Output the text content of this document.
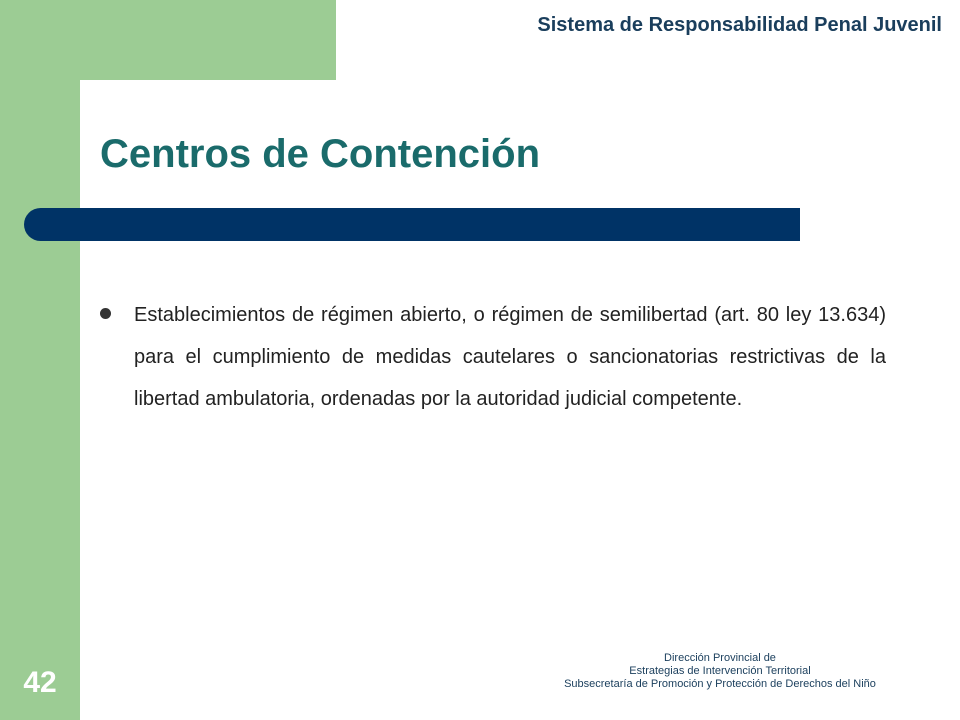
Sistema de Responsabilidad Penal Juvenil
Centros de Contención

Establecimientos de régimen abierto, o régimen de semilibertad (art. 80 ley 13.634) para el cumplimiento de medidas cautelares o sancionatorias restrictivas de la libertad ambulatoria, ordenadas por la autoridad judicial competente.

Dirección Provincial de
Estrategias de Intervención Territorial
Subsecretaría de Promoción y Protección de Derechos del Niño
42
